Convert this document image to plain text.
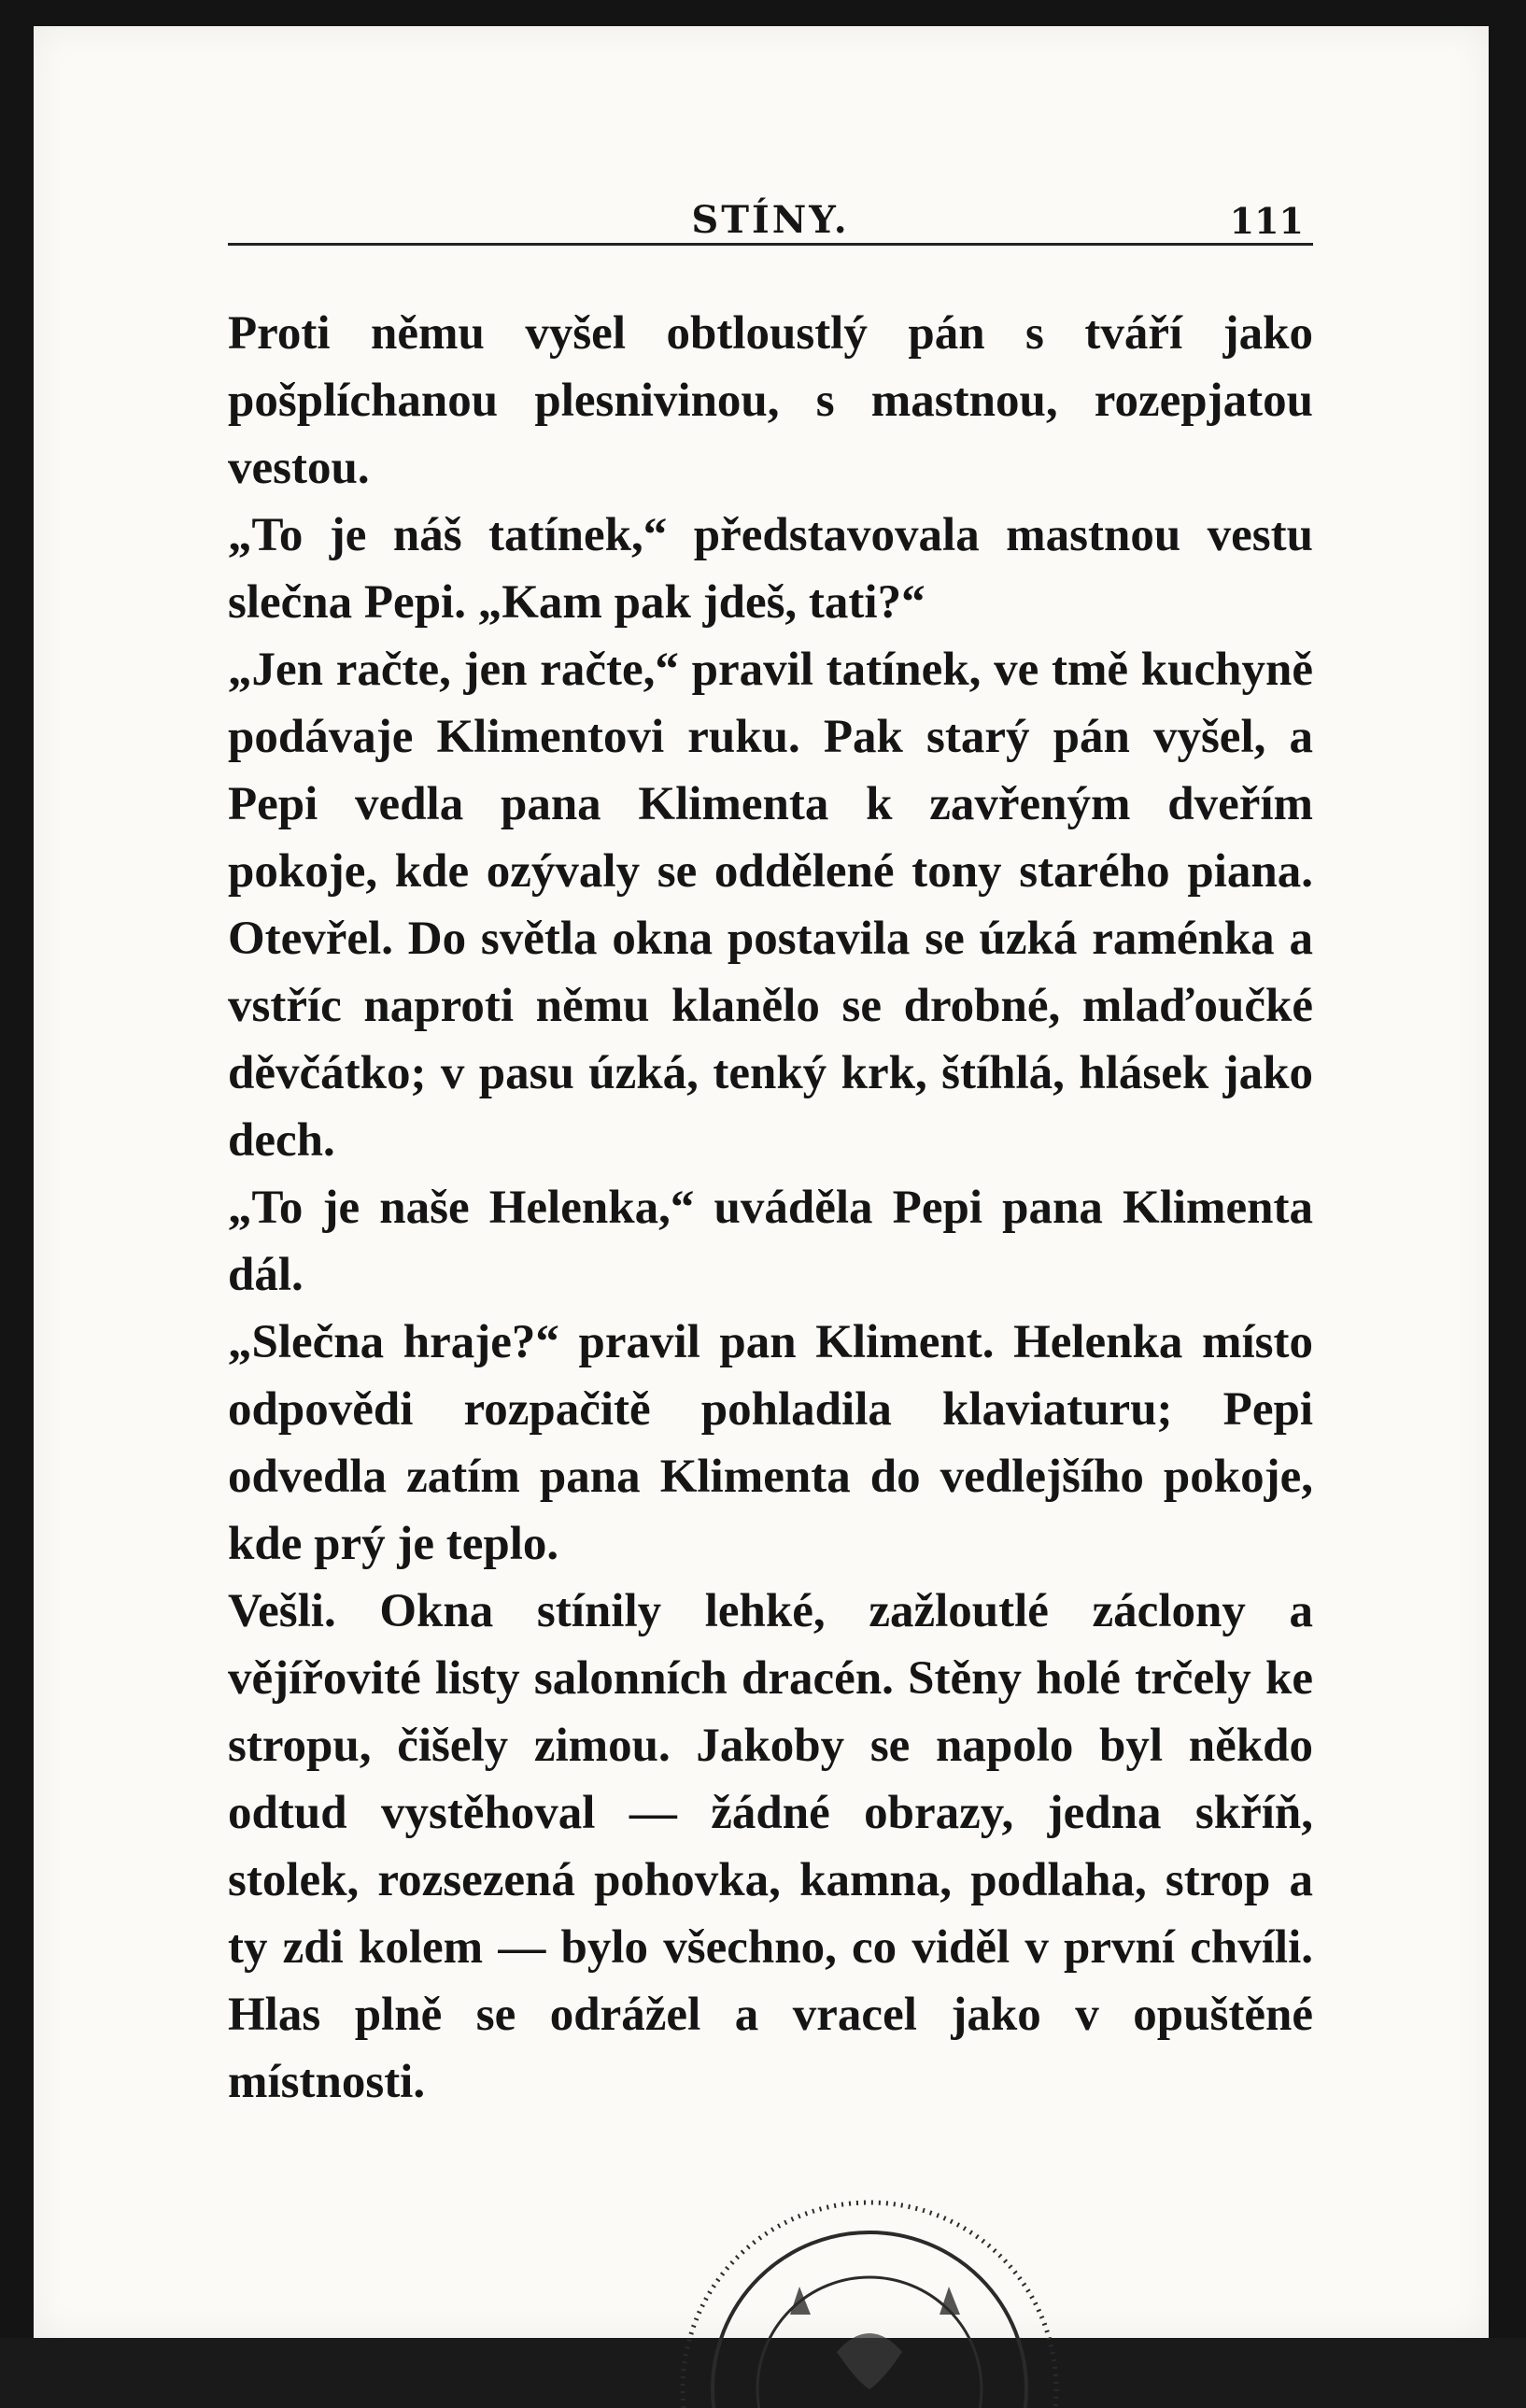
STÍNY.	111

Proti němu vyšel obtloustlý pán s tváří jako pošplíchanou plesnivinou, s mastnou, rozepjatou vestou.

„To je náš tatínek,“ představovala mastnou vestu slečna Pepi. „Kam pak jdeš, tati?“

„Jen račte, jen račte,“ pravil tatínek, ve tmě kuchyně podávaje Klimentovi ruku. Pak starý pán vyšel, a Pepi vedla pana Klimenta k zavřeným dveřím pokoje, kde ozývaly se oddělené tony starého piana. Otevřel. Do světla okna postavila se úzká raménka a vstříc naproti němu klanělo se drobné, mlaďoučké děvčátko; v pasu úzká, tenký krk, štíhlá, hlásek jako dech.

„To je naše Helenka,“ uváděla Pepi pana Klimenta dál.

„Slečna hraje?“ pravil pan Kliment. Helenka místo odpovědi rozpačitě pohladila klaviaturu; Pepi odvedla zatím pana Klimenta do vedlejšího pokoje, kde prý je teplo.

Vešli. Okna stínily lehké, zažloutlé záclony a vějířovité listy salonních dracén. Stěny holé trčely ke stropu, čišely zimou. Jakoby se napolo byl někdo odtud vystěhoval — žádné obrazy, jedna skříň, stolek, rozsezená pohovka, kamna, podlaha, strop a ty zdi kolem — bylo všechno, co viděl v první chvíli. Hlas plně se odrážel a vracel jako v opuštěné místnosti.
